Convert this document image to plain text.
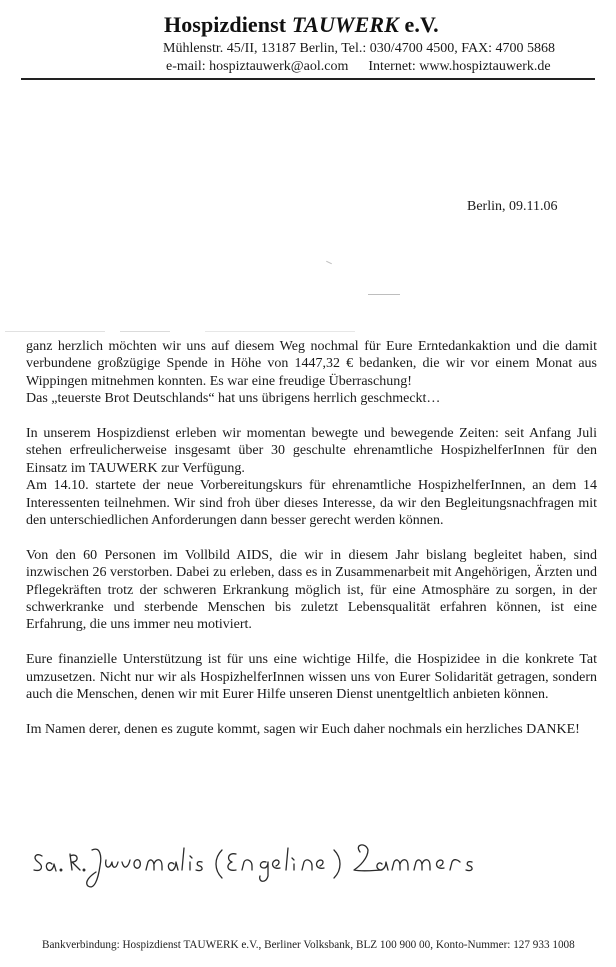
Hospizdienst TAUWERK e.V.
Mühlenstr. 45/II, 13187 Berlin, Tel.: 030/4700 4500, FAX: 4700 5868
e-mail: hospiztauwerk@aol.com Internet: www.hospiztauwerk.de
Berlin, 09.11.06

ganz herzlich möchten wir uns auf diesem Weg nochmal für Eure Erntedankaktion und die damit verbundene großzügige Spende in Höhe von 1447,32 € bedanken, die wir vor einem Monat aus Wippingen mitnehmen konnten. Es war eine freudige Überraschung!

Das „teuerste Brot Deutschlands“ hat uns übrigens herrlich geschmeckt…

In unserem Hospizdienst erleben wir momentan bewegte und bewegende Zeiten: seit Anfang Juli stehen erfreulicherweise insgesamt über 30 geschulte ehrenamtliche HospizhelferInnen für den Einsatz im TAUWERK zur Verfügung.

Am 14.10. startete der neue Vorbereitungskurs für ehrenamtliche HospizhelferInnen, an dem 14 Interessenten teilnehmen. Wir sind froh über dieses Interesse, da wir den Begleitungsnachfragen mit den unterschiedlichen Anforderungen dann besser gerecht werden können.

Von den 60 Personen im Vollbild AIDS, die wir in diesem Jahr bislang begleitet haben, sind inzwischen 26 verstorben. Dabei zu erleben, dass es in Zusammenarbeit mit Angehörigen, Ärzten und Pflegekräften trotz der schweren Erkrankung möglich ist, für eine Atmosphäre zu sorgen, in der schwerkranke und sterbende Menschen bis zuletzt Lebensqualität erfahren können, ist eine Erfahrung, die uns immer neu motiviert.

Eure finanzielle Unterstützung ist für uns eine wichtige Hilfe, die Hospizidee in die konkrete Tat umzusetzen. Nicht nur wir als HospizhelferInnen wissen uns von Eurer Solidarität getragen, sondern auch die Menschen, denen wir mit Eurer Hilfe unseren Dienst unentgeltlich anbieten können.

Im Namen derer, denen es zugute kommt, sagen wir Euch daher nochmals ein herzliches DANKE!

Bankverbindung: Hospizdienst TAUWERK e.V., Berliner Volksbank, BLZ 100 900 00, Konto-Nummer: 127 933 1008
